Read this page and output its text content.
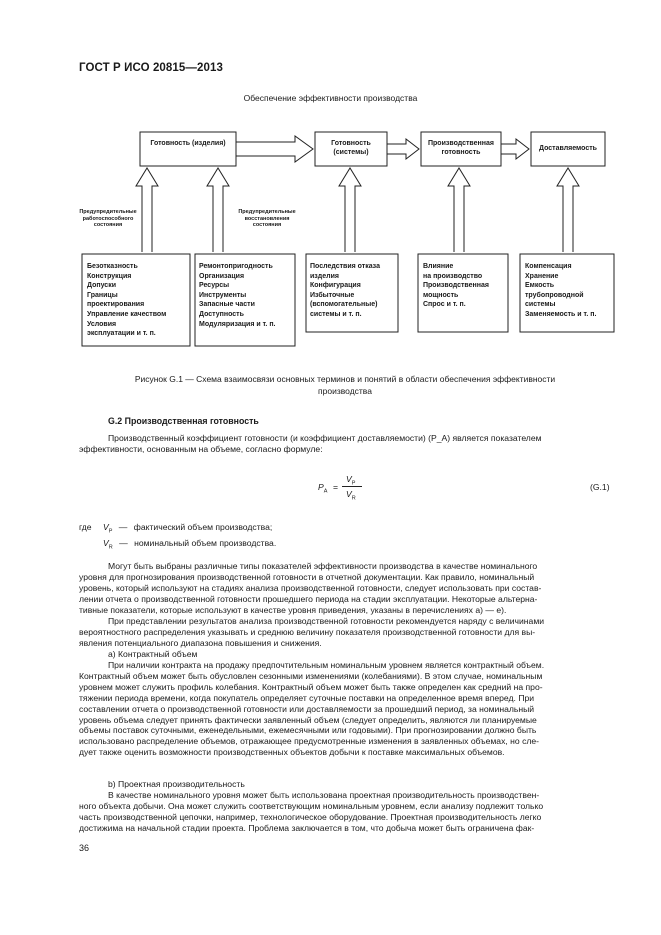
ГОСТ Р ИСО 20815—2013
Обеспечение эффективности производства
Готовность (изделия)	Готовность (системы)
Производственная готовность
Доставляемость
Предупредительные работоспособного состояния
Предупредительные восстановления состояния
Безотказность
Конструкция
Допуски
Границы
проектирования
Управление качеством
Условия
эксплуатации и т. п.
Ремонтопригодность
Организация
Ресурсы
Инструменты
Запасные части
Доступность
Модуляризация и т. п.
Последствия отказа
изделия
Конфигурация
Избыточные
(вспомогательные)
системы и т. п.
Влияние
на производство
Производственная
мощность
Спрос и т. п.
Компенсация
Хранение
Емкость
трубопроводной
системы
Заменяемость и т. п.
Рисунок G.1 — Схема взаимосвязи основных терминов и понятий в области обеспечения эффективности
производства
G.2 Производственная готовность
Производственный коэффициент готовности (и коэффициент доставляемости) (P_A) является показателем
эффективности, основанным на объеме, согласно формуле:
$P_A$ =
$V_P$
$V_R$
(G.1)
где $V_P$ — фактический объем производства;
$V_R$ — номинальный объем производства.
Могут быть выбраны различные типы показателей эффективности производства в качестве номинального
уровня для прогнозирования производственной готовности в отчетной документации. Как правило, номинальный
уровень, который используют на стадиях анализа производственной готовности, следует использовать при состав-
лении отчета о производственной готовности прошедшего периода на стадии эксплуатации. Некоторые альтерна-
тивные показатели, которые используют в качестве уровня приведения, указаны в перечислениях а) — е).
При представлении результатов анализа производственной готовности рекомендуется наряду с величинами
вероятностного распределения указывать и среднюю величину показателя производственной готовности для вы-
явления потенциального диапазона повышения и снижения.
а) Контрактный объем
При наличии контракта на продажу предпочтительным номинальным уровнем является контрактный объем.
Контрактный объем может быть обусловлен сезонными изменениями (колебаниями). В этом случае, номинальным
уровнем может служить профиль колебания. Контрактный объем может быть также определен как средний на про-
тяжении периода времени, когда покупатель определяет суточные поставки на определенное время вперед. При
составлении отчета о производственной готовности или доставляемости за прошедший период, за номинальный
уровень объема следует принять фактически заявленный объем (следует определить, являются ли планируемые
объемы поставок суточными, еженедельными, ежемесячными или годовыми). При прогнозировании должно быть
использовано распределение объемов, отражающее предусмотренные изменения в заявленных объемах, но сле-
дует также оценить возможности производственных объектов добычи к поставке максимальных объемов.
b) Проектная производительность
В качестве номинального уровня может быть использована проектная производительность производствен-
ного объекта добычи. Она может служить соответствующим номинальным уровнем, если анализу подлежит только
часть производственной цепочки, например, технологическое оборудование. Проектная производительность легко
достижима на начальной стадии проекта. Проблема заключается в том, что добыча может быть ограничена фак-
36
